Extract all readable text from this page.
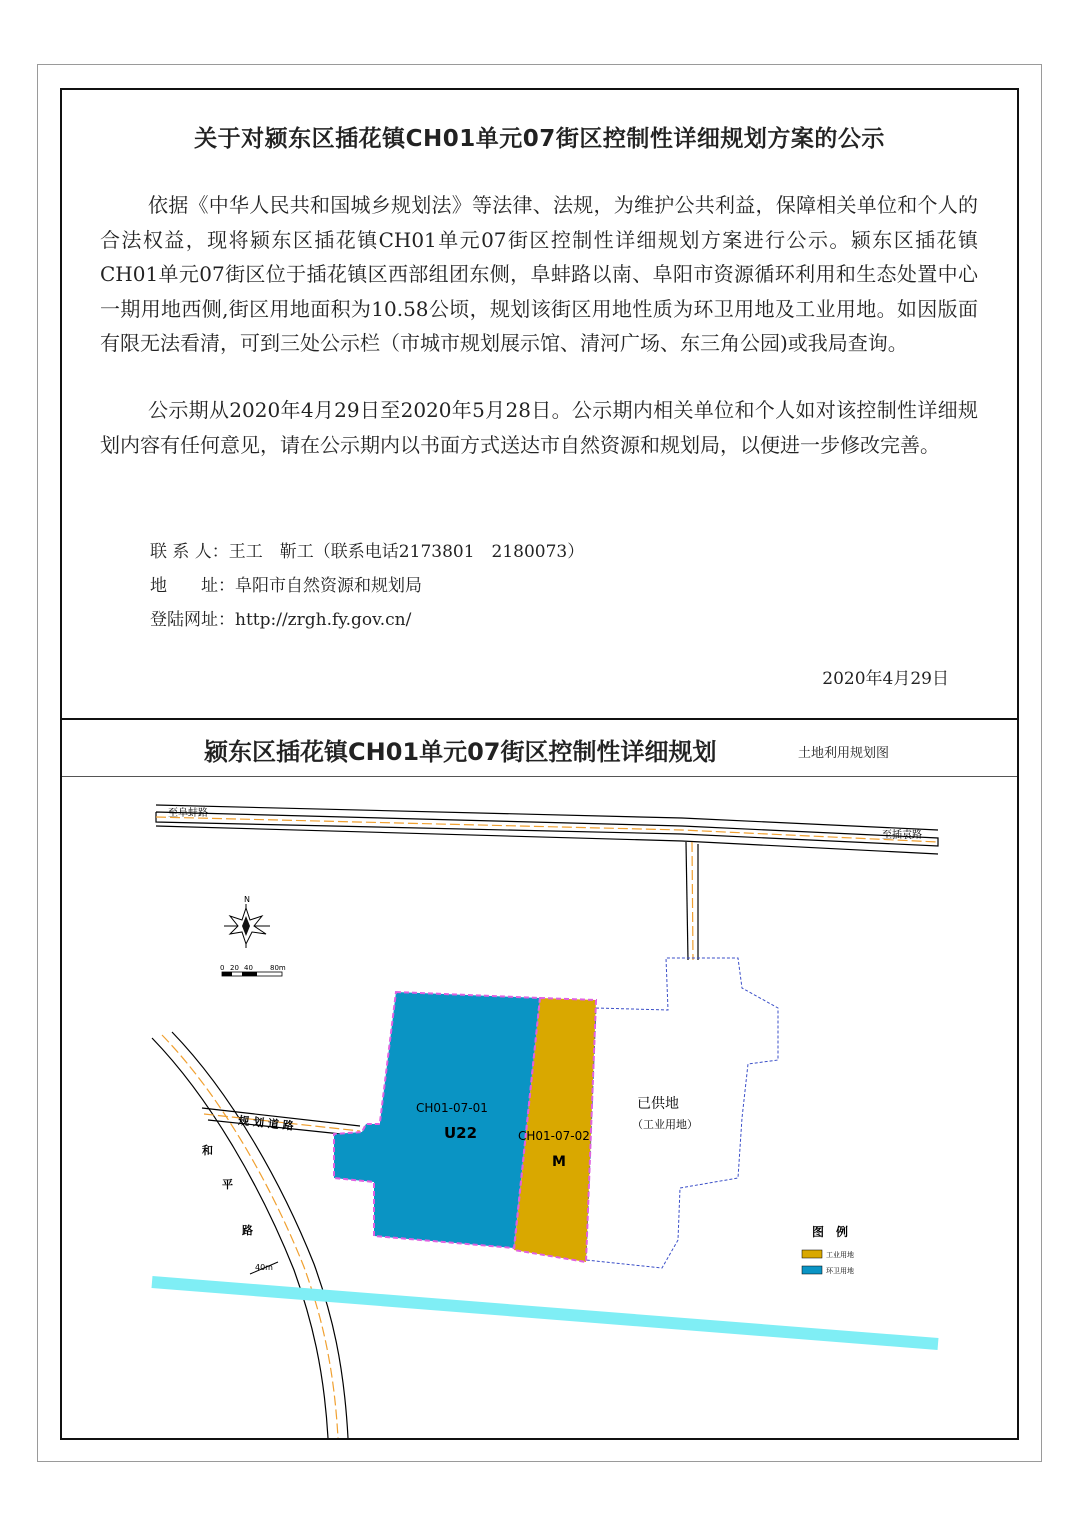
关于对颍东区插花镇CH01单元07街区控制性详细规划方案的公示

依据《中华人民共和国城乡规划法》等法律、法规，为维护公共利益，保障相关单位和个人的合法权益，现将颍东区插花镇CH01单元07街区控制性详细规划方案进行公示。颍东区插花镇CH01单元07街区位于插花镇区西部组团东侧，阜蚌路以南、阜阳市资源循环利用和生态处置中心一期用地西侧,街区用地面积为10.58公顷，规划该街区用地性质为环卫用地及工业用地。如因版面有限无法看清，可到三处公示栏（市城市规划展示馆、清河广场、东三角公园)或我局查询。

公示期从2020年4月29日至2020年5月28日。公示期内相关单位和个人如对该控制性详细规划内容有任何意见，请在公示期内以书面方式送达市自然资源和规划局，以便进一步修改完善。

联 系 人：王工　靳工（联系电话2173801　2180073）
地　　址：阜阳市自然资源和规划局
登陆网址：http://zrgh.fy.gov.cn/
2020年4月29日
颍东区插花镇CH01单元07街区控制性详细规划	土地利用规划图
至阜蚌路
至插袁路
规 划 道 路
和
平
路
40m
已供地
（工业用地）
CH01-07-01
U22	CH01-07-02
M
N
0 20 40 80m
图　例
工业用地
环卫用地
